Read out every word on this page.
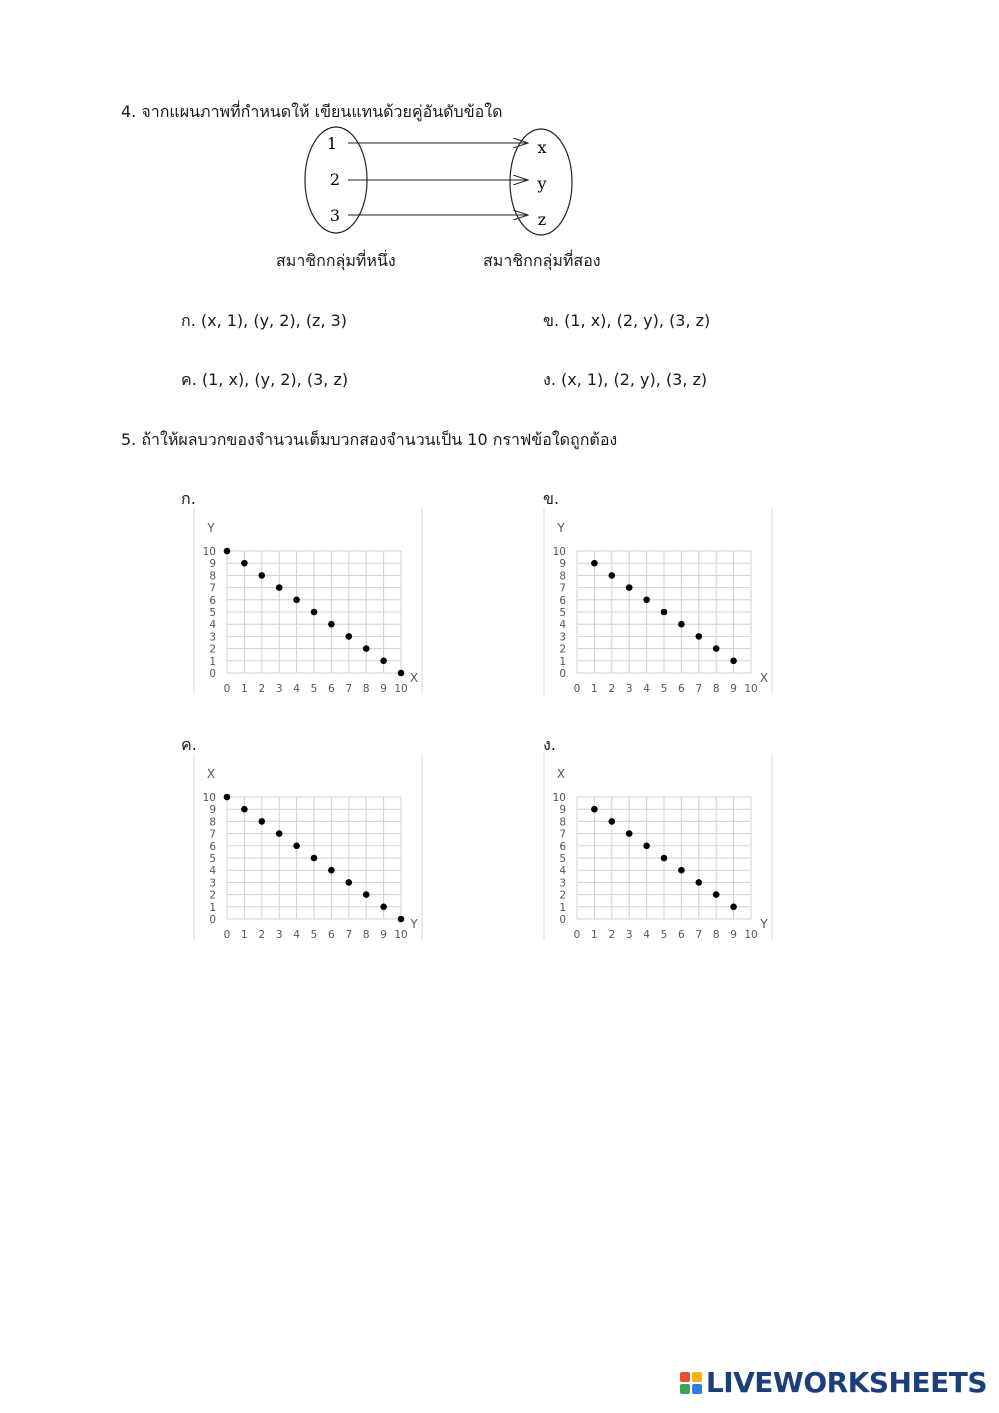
4. จากแผนภาพที่กำหนดให้ เขียนแทนด้วยคู่อันดับข้อใด
1
2
3
x
y
z
สมาชิกกลุ่มที่หนึ่ง	สมาชิกกลุ่มที่สอง
ก. (x, 1), (y, 2), (z, 3)	ข. (1, x), (2, y), (3, z)
ค. (1, x), (y, 2), (3, z)	ง. (x, 1), (2, y), (3, z)
5. ถ้าให้ผลบวกของจำนวนเต็มบวกสองจำนวนเป็น 10 กราฟข้อใดถูกต้อง
ก.	ข.
ค.	ง.
0 1 2 3 4 5 6 7 8 9 10
0
1
2
3
4
5
6
7
8
9
10
Y
X
0 1 2 3 4 5 6 7 8 9 10
0
1
2
3
4
5
6
7
8
9
10
Y
X
0 1 2 3 4 5 6 7 8 9 10
0
1
2
3
4
5
6
7
8
9
10
X
Y
0 1 2 3 4 5 6 7 8 9 10
0
1
2
3
4
5
6
7
8
9
10
X
Y
LIVEWORKSHEETS
